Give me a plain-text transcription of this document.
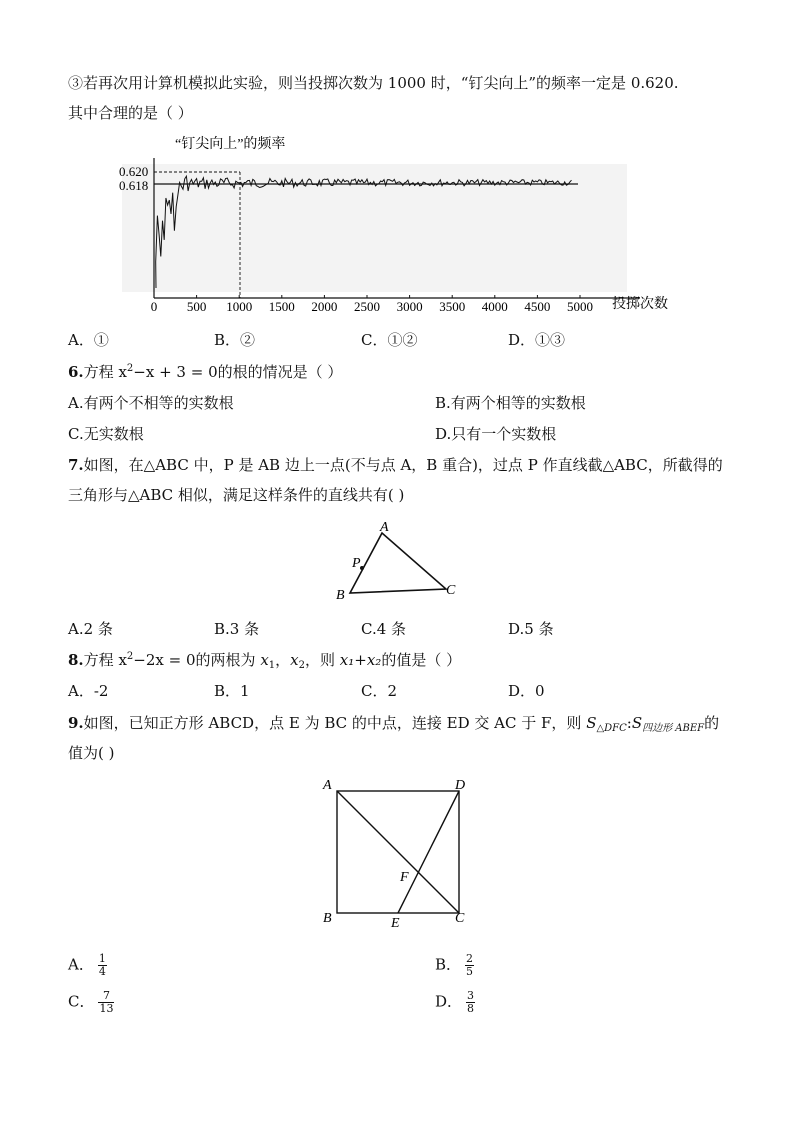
③若再次用计算机模拟此实验，则当投掷次数为 1000 时，“钉尖向上”的频率一定是 0.620.
其中合理的是（ ）
“钉尖向上”的频率
0.620
0.618
0 500 1000 1500 2000 2500 3000 3500 4000 4500 5000 投掷次数
A．①	B．②	C．①②	D．①③
6.方程 $x^2-x + 3 = 0$的根的情况是（ ）
A.有两个不相等的实数根	B.有两个相等的实数根
C.无实数根	D.只有一个实数根
7.如图，在△ABC 中，P 是 AB 边上一点(不与点 A，B 重合)，过点 P 作直线截△ABC，所截得的
三角形与△ABC 相似，满足这样条件的直线共有( )
A
P
B	C
A.2 条	B.3 条	C.4 条	D.5 条
8.方程 $x^2-2x = 0$的两根为 $x_1$，$x_2$，则 x₁+x₂的值是（ ）
A．-2	B．1	C．2	D．0
9.如图，已知正方形 ABCD，点 E 为 BC 的中点，连接 ED 交 AC 于 F，则 $S_{\triangle DFC}:S_{四边形 ABEF}$的
值为( )
A	D
B	C
E
F
A． $\frac{1}{4}$	B． $\frac{2}{5}$
C． $\frac{7}{13}$	D． $\frac{3}{8}$
